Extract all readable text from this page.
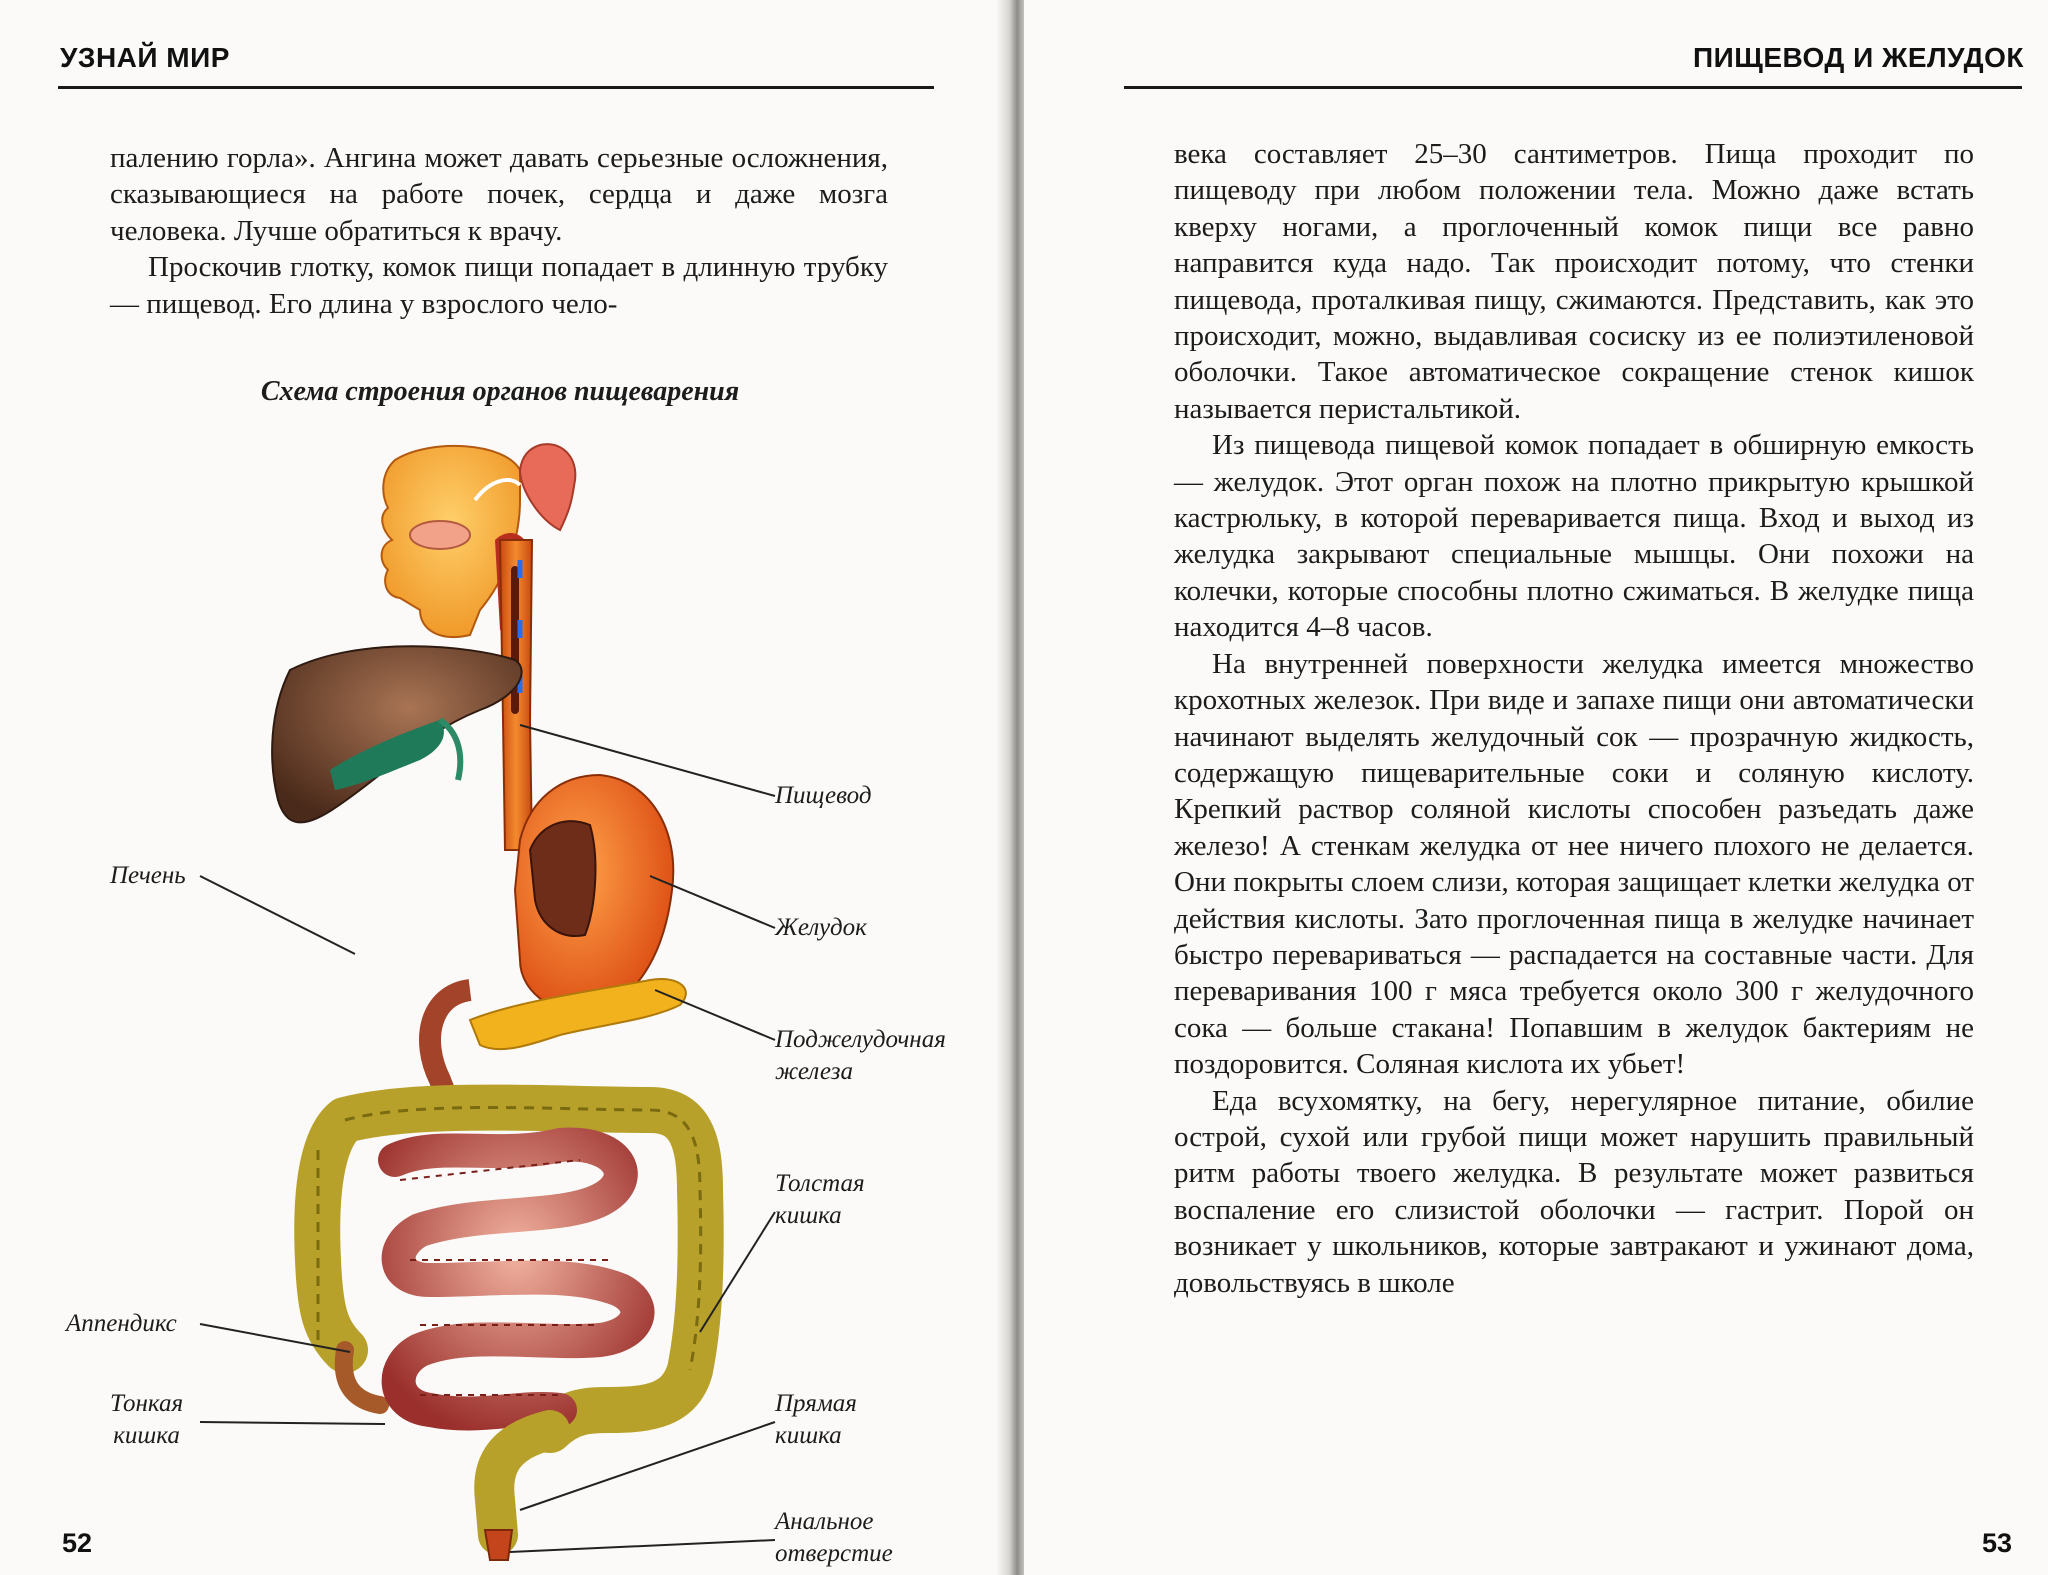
УЗНАЙ МИР

палению горла». Ангина может давать серьезные осложнения, сказывающиеся на работе почек, сердца и даже мозга человека. Лучше обратиться к врачу.

Проскочив глотку, комок пищи попадает в длинную трубку — пищевод. Его длина у взрослого чело-

Схема строения органов пищеварения
Пищевод
Печень
Желудок
Поджелудочная
железа
Толстая
кишка
Аппендикс
Тонкая
кишка
Прямая
кишка
Анальное
отверстие
52
ПИЩЕВОД И ЖЕЛУДОК

века составляет 25–30 сантиметров. Пища проходит по пищеводу при любом положении тела. Можно даже встать кверху ногами, а проглоченный комок пищи все равно направится куда надо. Так происходит потому, что стенки пищевода, проталкивая пищу, сжимаются. Представить, как это происходит, можно, выдавливая сосиску из ее полиэтиленовой оболочки. Такое автоматическое сокращение стенок кишок называется перистальтикой.

Из пищевода пищевой комок попадает в обширную емкость — желудок. Этот орган похож на плотно прикрытую крышкой кастрюльку, в которой переваривается пища. Вход и выход из желудка закрывают специальные мышцы. Они похожи на колечки, которые способны плотно сжиматься. В желудке пища находится 4–8 часов.

На внутренней поверхности желудка имеется множество крохотных железок. При виде и запахе пищи они автоматически начинают выделять желудочный сок — прозрачную жидкость, содержащую пищеварительные соки и соляную кислоту. Крепкий раствор соляной кислоты способен разъедать даже железо! А стенкам желудка от нее ничего плохого не делается. Они покрыты слоем слизи, которая защищает клетки желудка от действия кислоты. Зато проглоченная пища в желудке начинает быстро перевариваться — распадается на составные части. Для переваривания 100 г мяса требуется около 300 г желудочного сока — больше стакана! Попавшим в желудок бактериям не поздоровится. Соляная кислота их убьет!

Еда всухомятку, на бегу, нерегулярное питание, обилие острой, сухой или грубой пищи может нарушить правильный ритм работы твоего желудка. В результате может развиться воспаление его слизистой оболочки — гастрит. Порой он возникает у школьников, которые завтракают и ужинают дома, довольствуясь в школе

53
